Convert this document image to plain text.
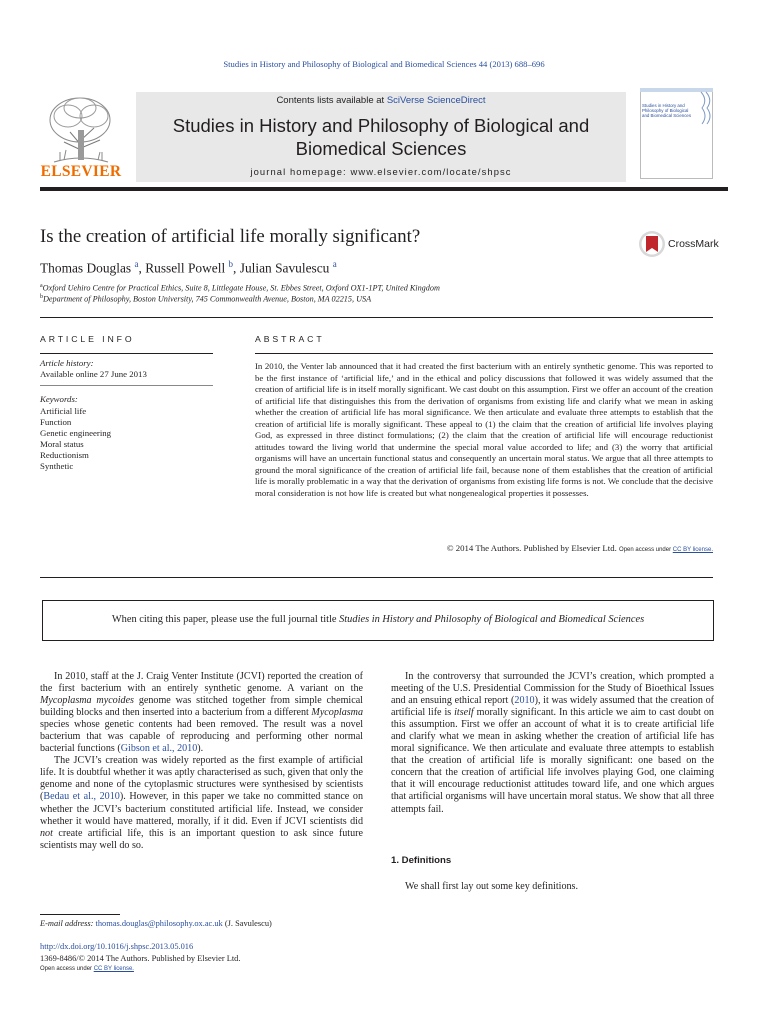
Studies in History and Philosophy of Biological and Biomedical Sciences 44 (2013) 688–696
ELSEVIER
Contents lists available at SciVerse ScienceDirect
Studies in History and Philosophy of Biological and
Biomedical Sciences
journal homepage: www.elsevier.com/locate/shpsc
Studies in History and Philosophy of Biological and Biomedical Sciences
Is the creation of artificial life morally significant?	CrossMark
Thomas Douglas $^a$, Russell Powell $^b$, Julian Savulescu $^a$
$^a$Oxford Uehiro Centre for Practical Ethics, Suite 8, Littlegate House, St. Ebbes Street, Oxford OX1-1PT, United Kingdom
$^b$Department of Philosophy, Boston University, 745 Commonwealth Avenue, Boston, MA 02215, USA
ARTICLE INFO
Article history:
Available online 27 June 2013
Keywords:
Artificial life
Function
Genetic engineering
Moral status
Reductionism
Synthetic
ABSTRACT
In 2010, the Venter lab announced that it had created the first bacterium with an entirely synthetic genome. This was reported to be the first instance of ‘artificial life,’ and in the ethical and policy discussions that followed it was widely assumed that the creation of artificial life is in itself morally significant. We cast doubt on this assumption. First we offer an account of the creation of artificial life that distinguishes this from the derivation of organisms from existing life and clarify what we mean in asking whether the creation of artificial life has moral significance. We then articulate and evaluate three attempts to establish that the creation of artificial life is morally significant. These appeal to (1) the claim that the creation of artificial life involves playing God, as expressed in three distinct formulations; (2) the claim that the creation of artificial life will encourage reductionist attitudes toward the living world that undermine the special moral value accorded to life; and (3) the worry that artificial organisms will have an uncertain functional status and consequently an uncertain moral status. We argue that all three attempts to ground the moral significance of the creation of artificial life fail, because none of them establishes that the creation of artificial life is morally problematic in a way that the derivation of organisms from existing life forms is not. We conclude that the decisive moral consideration is not how life is created but what nongenealogical properties it possesses.
© 2014 The Authors. Published by Elsevier Ltd. Open access under CC BY license.
When citing this paper, please use the full journal title Studies in History and Philosophy of Biological and Biomedical Sciences

In 2010, staff at the J. Craig Venter Institute (JCVI) reported the creation of the first bacterium with an entirely synthetic genome. A variant on the Mycoplasma mycoides genome was stitched together from simple chemical building blocks and then inserted into a bacterium from a different Mycoplasma species whose genetic contents had been removed. The result was a novel bacterium that was capable of reproducing and performing other normal bacterial functions (Gibson et al., 2010).

The JCVI’s creation was widely reported as the first example of artificial life. It is doubtful whether it was aptly characterised as such, given that only the genome and none of the cytoplasmic structures were synthesised by scientists (Bedau et al., 2010). However, in this paper we take no committed stance on whether the JCVI’s bacterium constituted artificial life. Instead, we consider whether it would have mattered, morally, if it did. Even if JCVI scientists did not create artificial life, this is an important question to ask since future scientists may well do so.

In the controversy that surrounded the JCVI’s creation, which prompted a meeting of the U.S. Presidential Commission for the Study of Bioethical Issues and an ensuing ethical report (2010), it was widely assumed that the creation of artificial life is itself morally significant. In this article we aim to cast doubt on this assumption. First we offer an account of what it is to create artificial life and clarify what we mean in asking whether the creation of artificial life has moral significance. We then articulate and evaluate three attempts to establish that the creation of artificial life is morally significant: one based on the concern that the creation of artificial life involves playing God, one claiming that it will encourage reductionist attitudes toward life, and one which argues that artificial organisms will have uncertain moral status. We show that all three attempts fail.

1. Definitions

We shall first lay out some key definitions.

E-mail address: thomas.douglas@philosophy.ox.ac.uk (J. Savulescu)
http://dx.doi.org/10.1016/j.shpsc.2013.05.016
1369-8486/© 2014 The Authors. Published by Elsevier Ltd.
Open access under CC BY license.
